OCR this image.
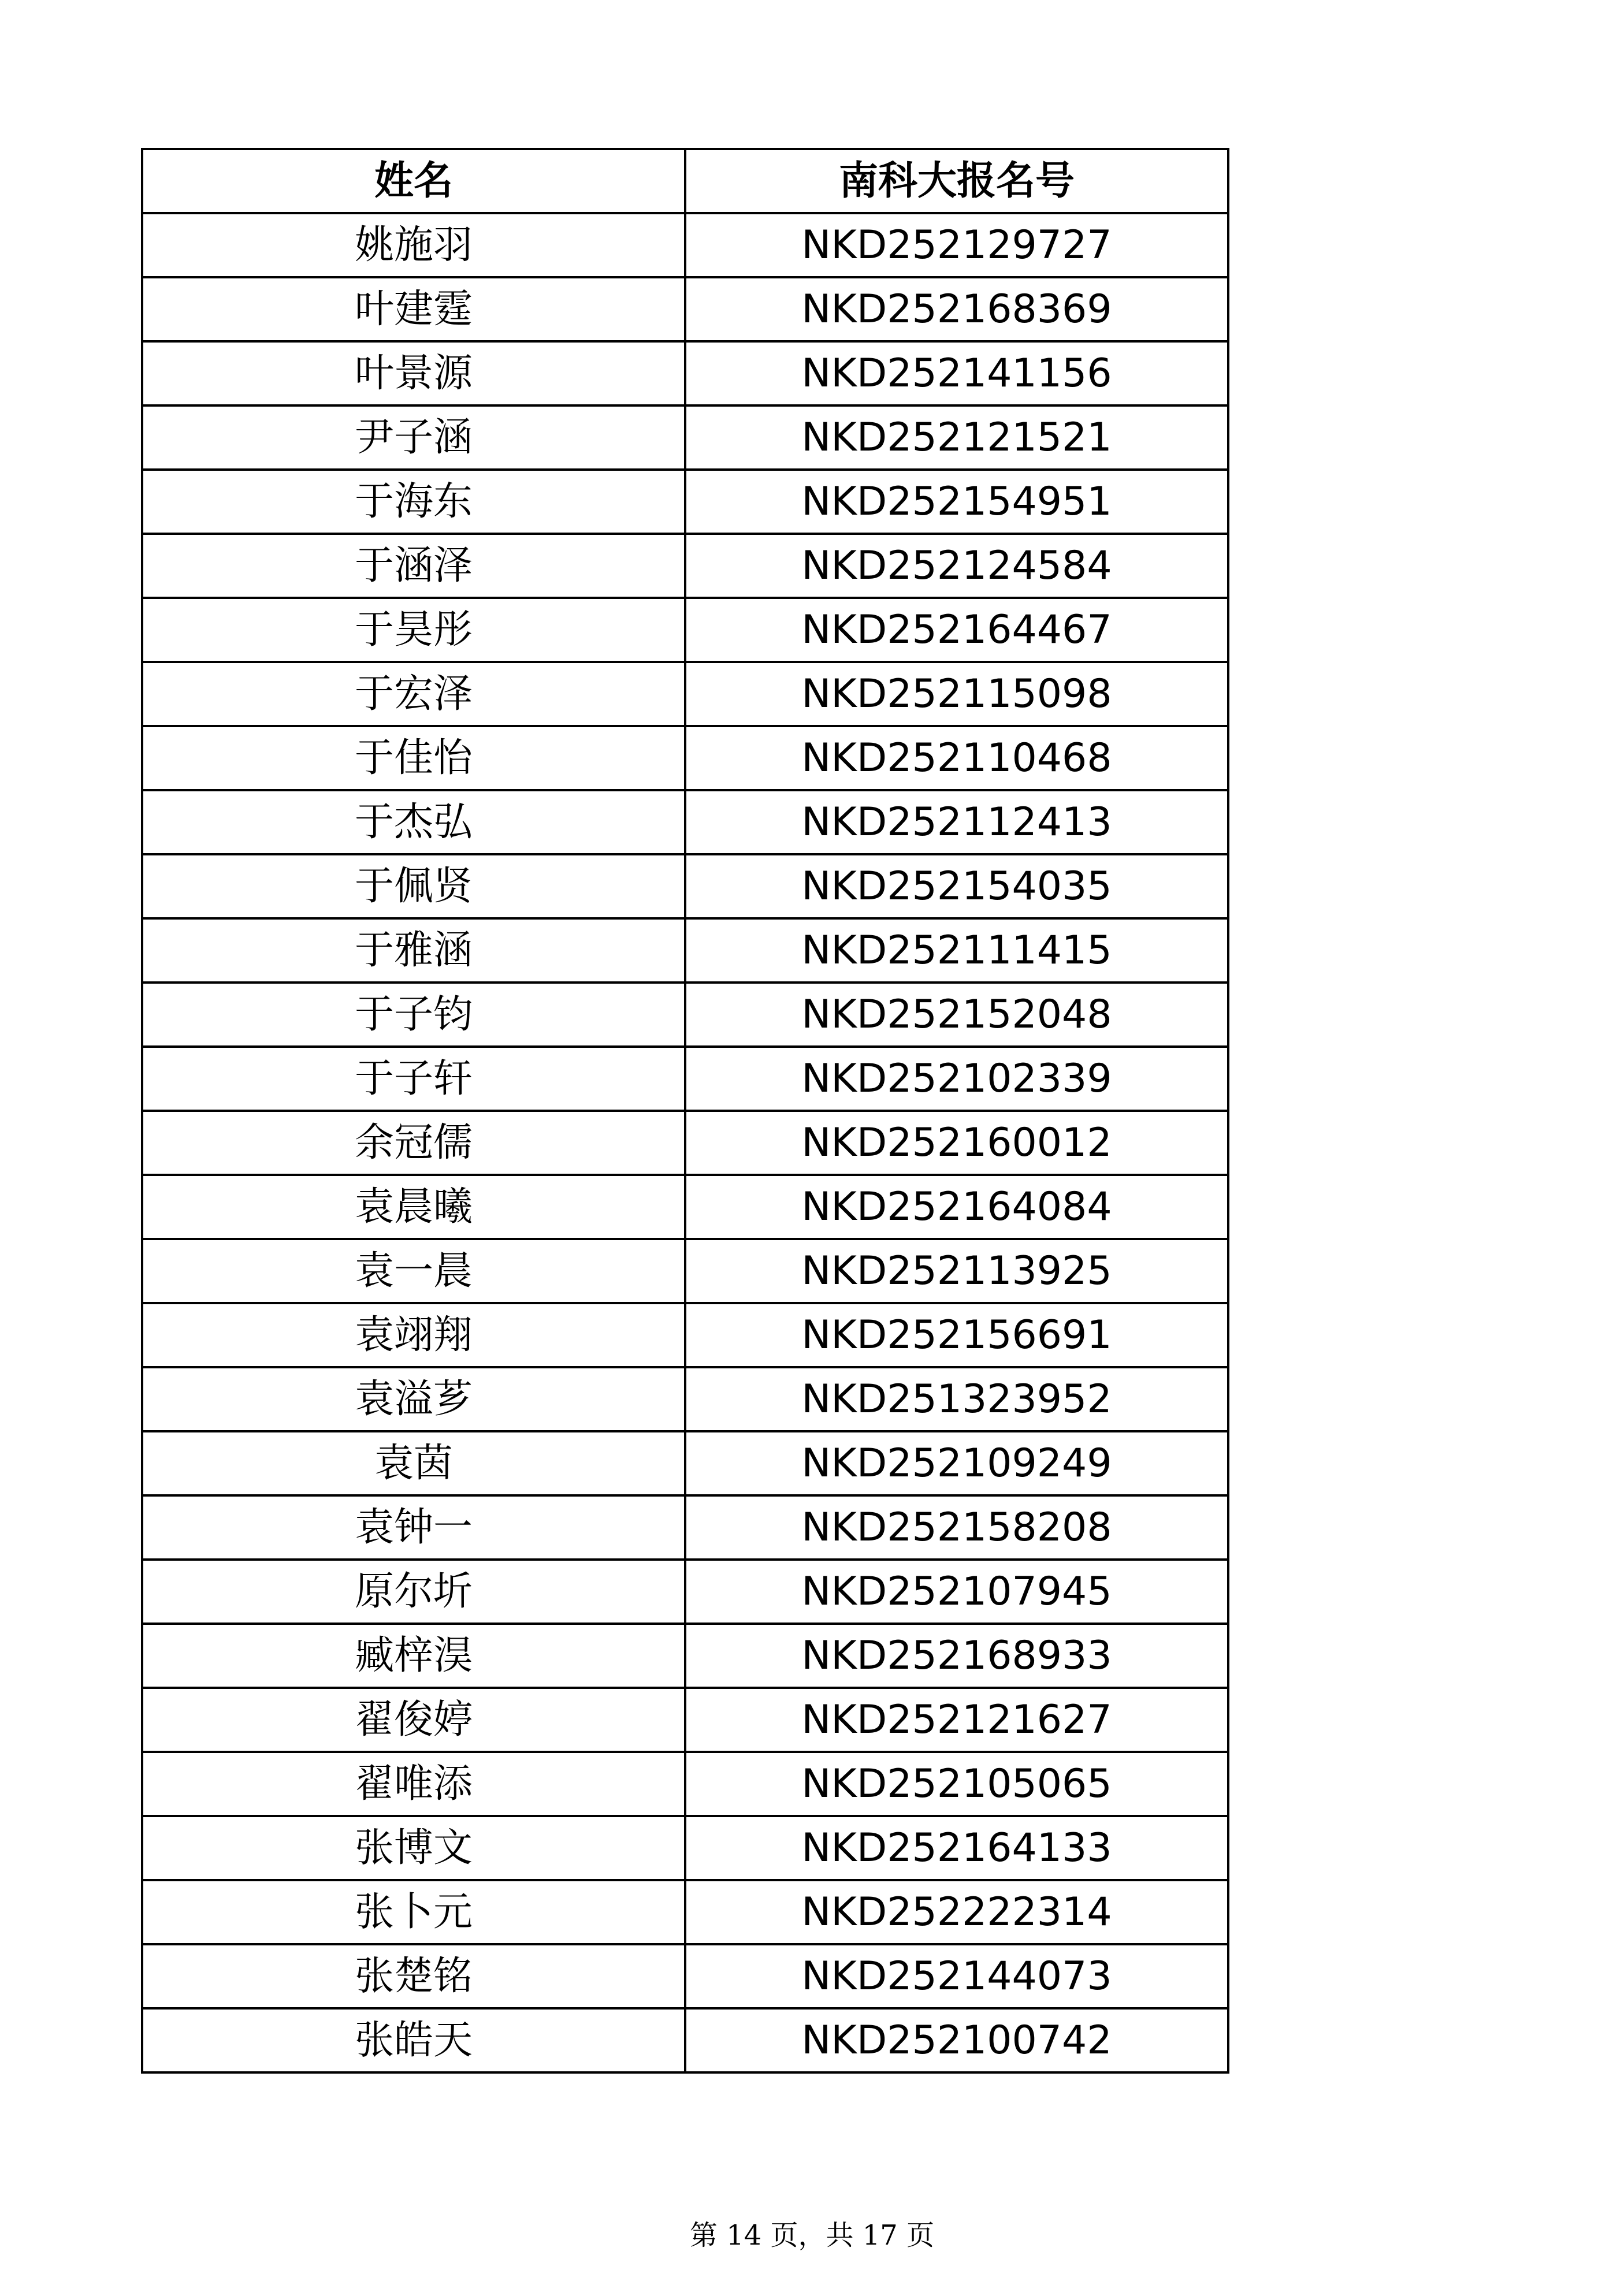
姓名	南科大报名号
姚施羽	NKD252129727
叶建霆	NKD252168369
叶景源	NKD252141156
尹子涵	NKD252121521
于海东	NKD252154951
于涵泽	NKD252124584
于昊彤	NKD252164467
于宏泽	NKD252115098
于佳怡	NKD252110468
于杰弘	NKD252112413
于佩贤	NKD252154035
于雅涵	NKD252111415
于子钧	NKD252152048
于子轩	NKD252102339
余冠儒	NKD252160012
袁晨曦	NKD252164084
袁一晨	NKD252113925
袁翊翔	NKD252156691
袁溢芗	NKD251323952
袁茵	NKD252109249
袁钟一	NKD252158208
原尔圻	NKD252107945
臧梓淏	NKD252168933
翟俊婷	NKD252121627
翟唯添	NKD252105065
张博文	NKD252164133
张卜元	NKD252222314
张楚铭	NKD252144073
张皓天	NKD252100742
第 14 页，共 17 页
